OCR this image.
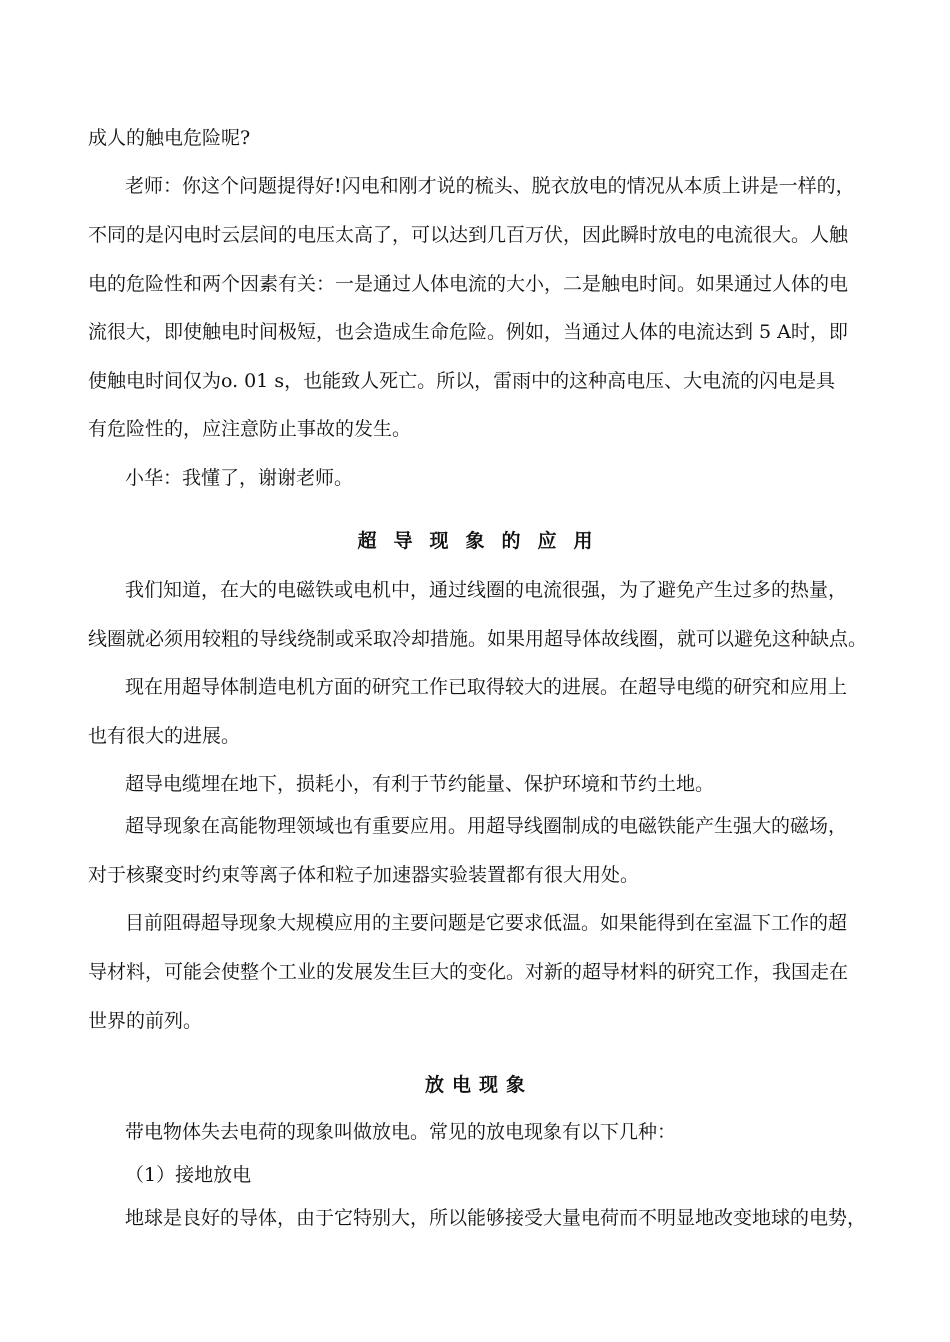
成人的触电危险呢?
老师：你这个问题提得好!闪电和刚才说的梳头、脱衣放电的情况从本质上讲是一样的，
不同的是闪电时云层间的电压太高了，可以达到几百万伏，因此瞬时放电的电流很大。人触
电的危险性和两个因素有关：一是通过人体电流的大小，二是触电时间。如果通过人体的电
流很大，即使触电时间极短，也会造成生命危险。例如，当通过人体的电流达到 5 A时，即
使触电时间仅为o. 01 s，也能致人死亡。所以，雷雨中的这种高电压、大电流的闪电是具
有危险性的，应注意防止事故的发生。
小华：我懂了，谢谢老师。
超导现象的应用
我们知道，在大的电磁铁或电机中，通过线圈的电流很强，为了避免产生过多的热量，
线圈就必须用较粗的导线绕制或采取冷却措施。如果用超导体故线圈，就可以避免这种缺点。
现在用超导体制造电机方面的研究工作已取得较大的进展。在超导电缆的研究和应用上
也有很大的进展。
超导电缆埋在地下，损耗小，有利于节约能量、保护环境和节约土地。
超导现象在高能物理领域也有重要应用。用超导线圈制成的电磁铁能产生强大的磁场，
对于核聚变时约束等离子体和粒子加速器实验装置都有很大用处。
目前阻碍超导现象大规模应用的主要问题是它要求低温。如果能得到在室温下工作的超
导材料，可能会使整个工业的发展发生巨大的变化。对新的超导材料的研究工作，我国走在
世界的前列。
放电现象
带电物体失去电荷的现象叫做放电。常见的放电现象有以下几种：
（1）接地放电
地球是良好的导体，由于它特别大，所以能够接受大量电荷而不明显地改变地球的电势，
